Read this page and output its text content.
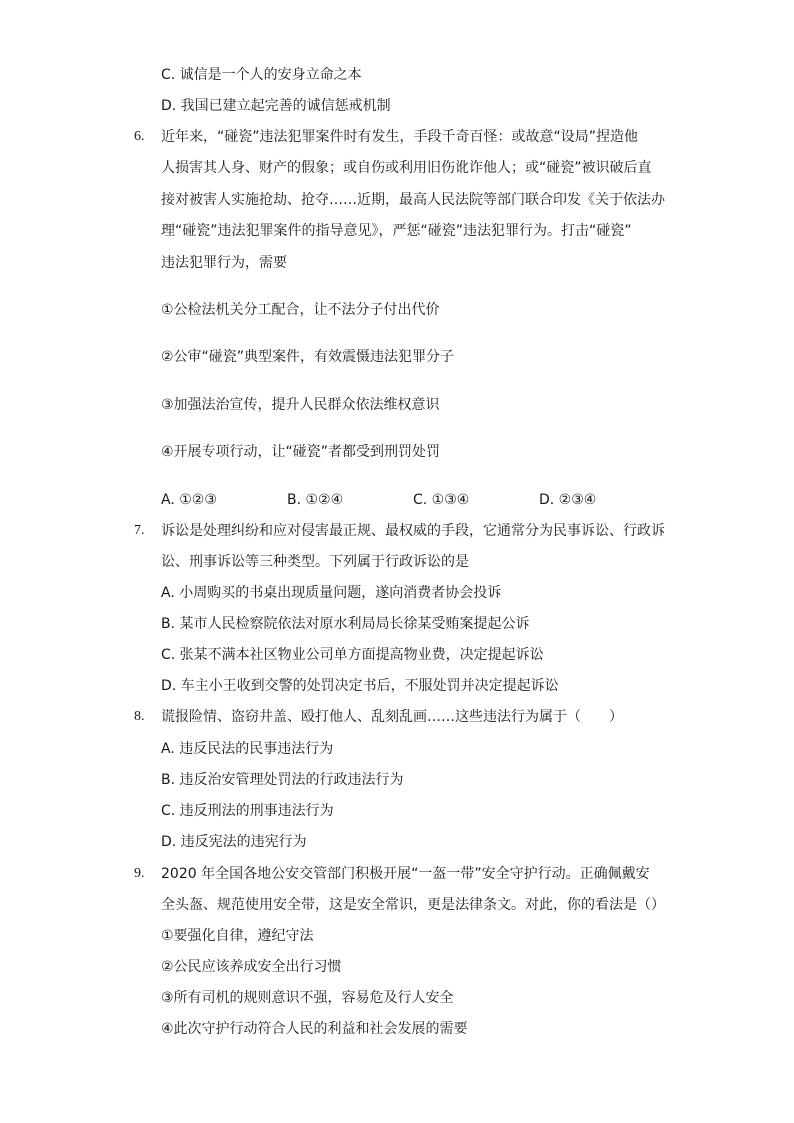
C. 诚信是一个人的安身立命之本
D. 我国已建立起完善的诚信惩戒机制
6. 近年来，“碰瓷”违法犯罪案件时有发生，手段千奇百怪：或故意“设局”捏造他
人损害其人身、财产的假象；或自伤或利用旧伤讹诈他人；或“碰瓷”被识破后直
接对被害人实施抢劫、抢夺……近期，最高人民法院等部门联合印发《关于依法办
理“碰瓷”违法犯罪案件的指导意见》，严惩“碰瓷”违法犯罪行为。打击“碰瓷”
违法犯罪行为，需要
①公检法机关分工配合，让不法分子付出代价
②公审“碰瓷”典型案件，有效震慑违法犯罪分子
③加强法治宣传，提升人民群众依法维权意识
④开展专项行动，让“碰瓷”者都受到刑罚处罚
A. ①②③	B. ①②④	C. ①③④	D. ②③④
7. 诉讼是处理纠纷和应对侵害最正规、最权威的手段，它通常分为民事诉讼、行政诉
讼、刑事诉讼等三种类型。下列属于行政诉讼的是
A. 小周购买的书桌出现质量问题，遂向消费者协会投诉
B. 某市人民检察院依法对原水利局局长徐某受贿案提起公诉
C. 张某不满本社区物业公司单方面提高物业费，决定提起诉讼
D. 车主小王收到交警的处罚决定书后，不服处罚并决定提起诉讼
8. 谎报险情、盗窃井盖、殴打他人、乱刻乱画……这些违法行为属于（　　）
A. 违反民法的民事违法行为
B. 违反治安管理处罚法的行政违法行为
C. 违反刑法的刑事违法行为
D. 违反宪法的违宪行为
9. 2020 年全国各地公安交管部门积极开展“一盔一带”安全守护行动。正确佩戴安
全头盔、规范使用安全带，这是安全常识，更是法律条文。对此，你的看法是（）
①要强化自律，遵纪守法
②公民应该养成安全出行习惯
③所有司机的规则意识不强，容易危及行人安全
④此次守护行动符合人民的利益和社会发展的需要
